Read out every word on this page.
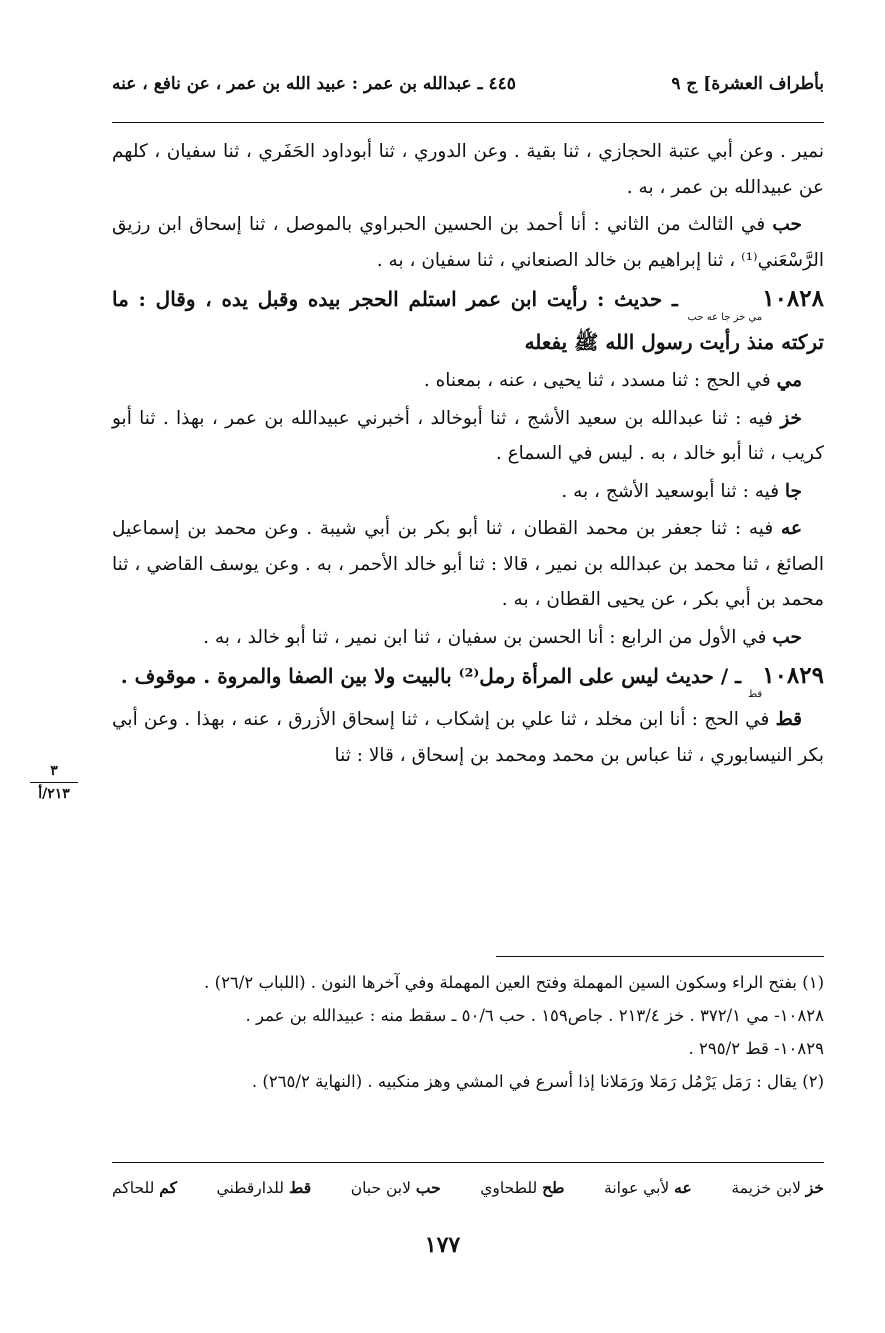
بأطراف العشرة] ج ٩
٤٤٥ ـ عبدالله بن عمر : عبيد الله بن عمر ، عن نافع ، عنه

نمير . وعن أبي عتبة الحجازي ، ثنا بقية . وعن الدوري ، ثنا أبوداود الحَفَري ، ثنا سفيان ، كلهم عن عبيدالله بن عمر ، به .

حب في الثالث من الثاني : أنا أحمد بن الحسين الحبراوي بالموصل ، ثنا إسحاق ابن رزيق الرَّسْعَني⁽¹⁾ ، ثنا إبراهيم بن خالد الصنعاني ، ثنا سفيان ، به .

١٠٨٢٨مي خز جا عه حب ـ حديث : رأيت ابن عمر استلم الحجر بيده وقبل يده ، وقال : ما تركته منذ رأيت رسول الله ﷺ يفعله

مي في الحج : ثنا مسدد ، ثنا يحيى ، عنه ، بمعناه .

خز فيه : ثنا عبدالله بن سعيد الأشج ، ثنا أبوخالد ، أخبرني عبيدالله بن عمر ، بهذا . ثنا أبو كريب ، ثنا أبو خالد ، به . ليس في السماع .

جا فيه : ثنا أبوسعيد الأشج ، به .

عه فيه : ثنا جعفر بن محمد القطان ، ثنا أبو بكر بن أبي شيبة . وعن محمد بن إسماعيل الصائغ ، ثنا محمد بن عبدالله بن نمير ، قالا : ثنا أبو خالد الأحمر ، به . وعن يوسف القاضي ، ثنا محمد بن أبي بكر ، عن يحيى القطان ، به .

حب في الأول من الرابع : أنا الحسن بن سفيان ، ثنا ابن نمير ، ثنا أبو خالد ، به .

١٠٨٢٩قط ـ / حديث ليس على المرأة رمل⁽²⁾ بالبيت ولا بين الصفا والمروة . موقوف .

قط في الحج : أنا ابن مخلد ، ثنا علي بن إشكاب ، ثنا إسحاق الأزرق ، عنه ، بهذا . وعن أبي بكر النيسابوري ، ثنا عباس بن محمد ومحمد بن إسحاق ، قالا : ثنا

٣
٢١٣/أ

(١) بفتح الراء وسكون السين المهملة وفتح العين المهملة وفي آخرها النون . (اللباب ٢٦/٢) .

١٠٨٢٨- مي ٣٧٢/١ . خز ٢١٣/٤ . جاص١٥٩ . حب ٥٠/٦ ـ سقط منه : عبيدالله بن عمر .

١٠٨٢٩- قط ٢٩٥/٢ .

(٢) يقال : رَمَل يَرْمُل رَمَلا ورَمَلانا إذا أسرع في المشي وهز منكبيه . (النهاية ٢٦٥/٢) .

خز لابن خزيمة
عه لأبي عوانة
طح للطحاوي
حب لابن حبان
قط للدارقطني
كم للحاكم
١٧٧
